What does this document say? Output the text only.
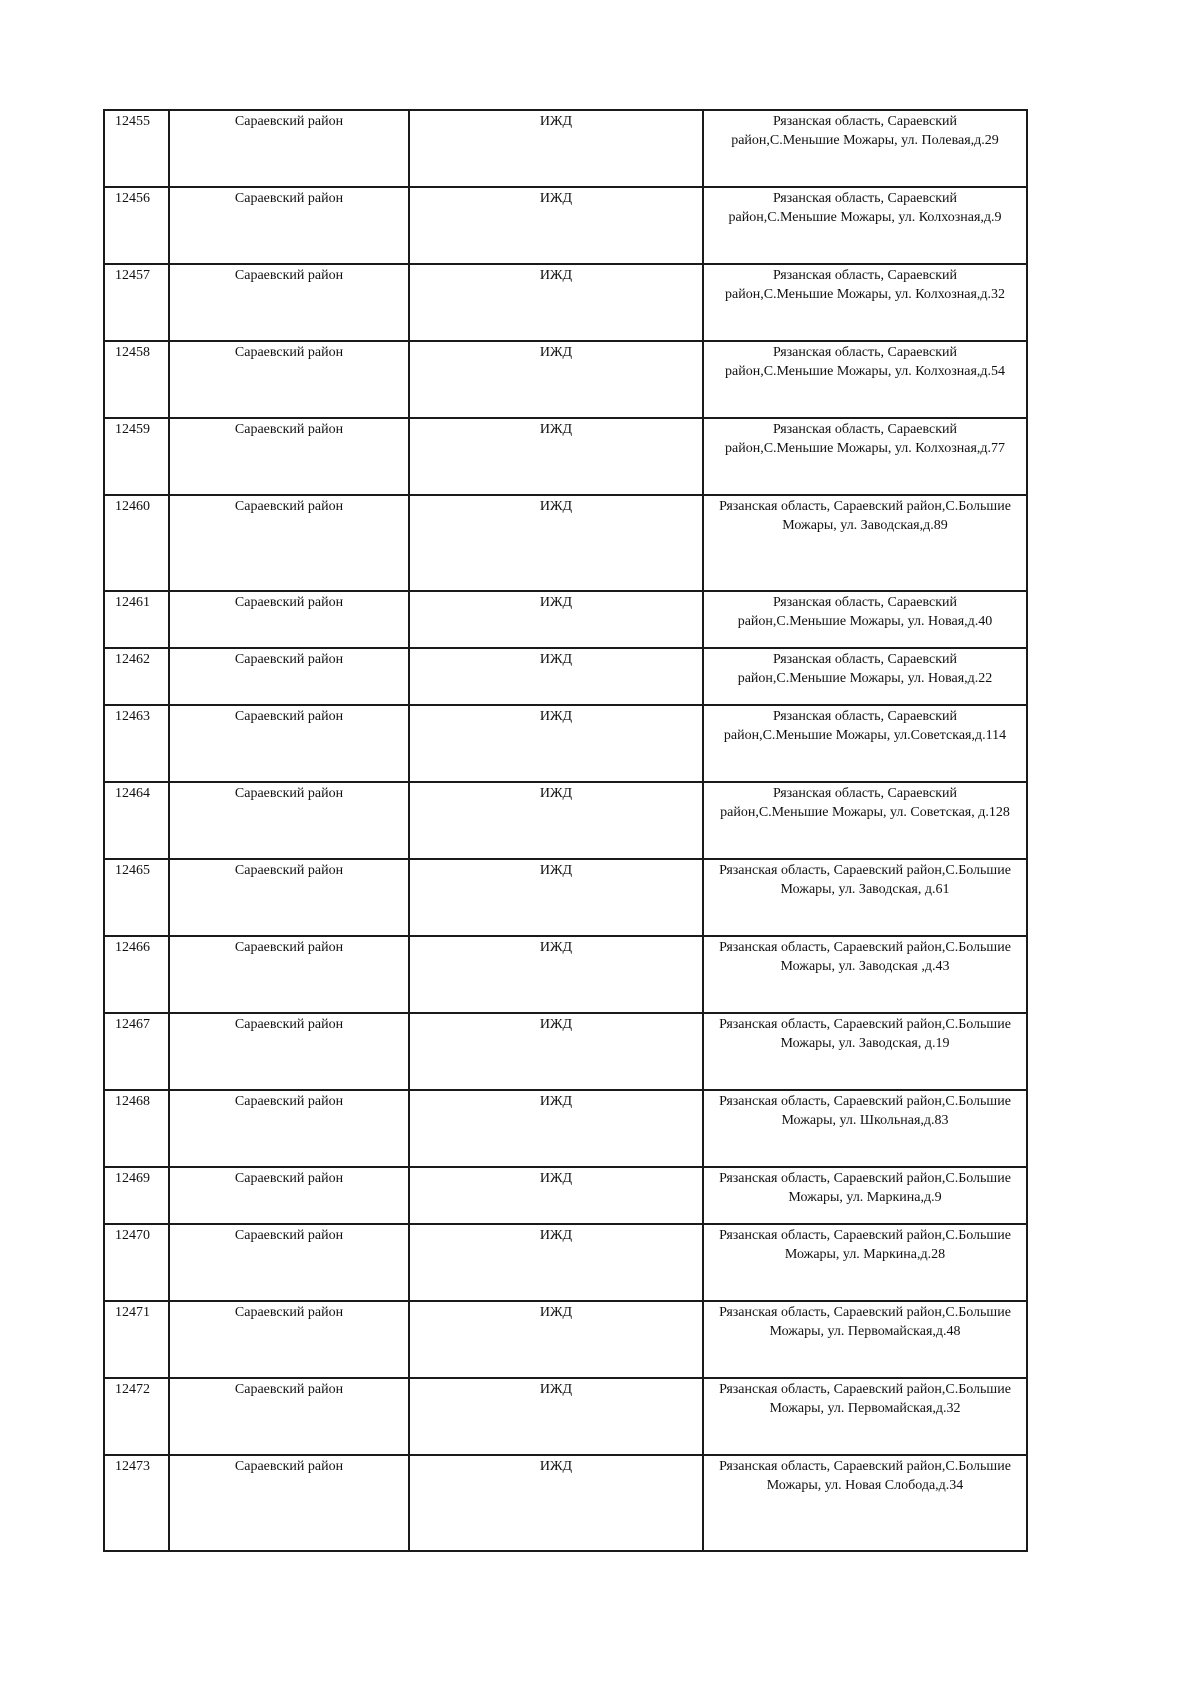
12455	Сараевский район	ИЖД	Рязанская область, Сараевский
район,С.Меньшие Можары, ул. Полевая,д.29

12456	Сараевский район	ИЖД	Рязанская область, Сараевский
район,С.Меньшие Можары, ул. Колхозная,д.9

12457	Сараевский район	ИЖД	Рязанская область, Сараевский
район,С.Меньшие Можары, ул. Колхозная,д.32

12458	Сараевский район	ИЖД	Рязанская область, Сараевский
район,С.Меньшие Можары, ул. Колхозная,д.54

12459	Сараевский район	ИЖД	Рязанская область, Сараевский
район,С.Меньшие Можары, ул. Колхозная,д.77

12460	Сараевский район	ИЖД	Рязанская область, Сараевский район,С.Большие
Можары, ул. Заводская,д.89

12461	Сараевский район	ИЖД	Рязанская область, Сараевский
район,С.Меньшие Можары, ул. Новая,д.40

12462	Сараевский район	ИЖД	Рязанская область, Сараевский
район,С.Меньшие Можары, ул. Новая,д.22

12463	Сараевский район	ИЖД	Рязанская область, Сараевский
район,С.Меньшие Можары, ул.Советская,д.114

12464	Сараевский район	ИЖД	Рязанская область, Сараевский
район,С.Меньшие Можары, ул. Советская, д.128

12465	Сараевский район	ИЖД	Рязанская область, Сараевский район,С.Большие
Можары, ул. Заводская, д.61

12466	Сараевский район	ИЖД	Рязанская область, Сараевский район,С.Большие
Можары, ул. Заводская ,д.43

12467	Сараевский район	ИЖД	Рязанская область, Сараевский район,С.Большие
Можары, ул. Заводская, д.19

12468	Сараевский район	ИЖД	Рязанская область, Сараевский район,С.Большие
Можары, ул. Школьная,д.83

12469	Сараевский район	ИЖД	Рязанская область, Сараевский район,С.Большие
Можары, ул. Маркина,д.9

12470	Сараевский район	ИЖД	Рязанская область, Сараевский район,С.Большие
Можары, ул. Маркина,д.28

12471	Сараевский район	ИЖД	Рязанская область, Сараевский район,С.Большие
Можары, ул. Первомайская,д.48

12472	Сараевский район	ИЖД	Рязанская область, Сараевский район,С.Большие
Можары, ул. Первомайская,д.32

12473	Сараевский район	ИЖД	Рязанская область, Сараевский район,С.Большие
Можары, ул. Новая Слобода,д.34
